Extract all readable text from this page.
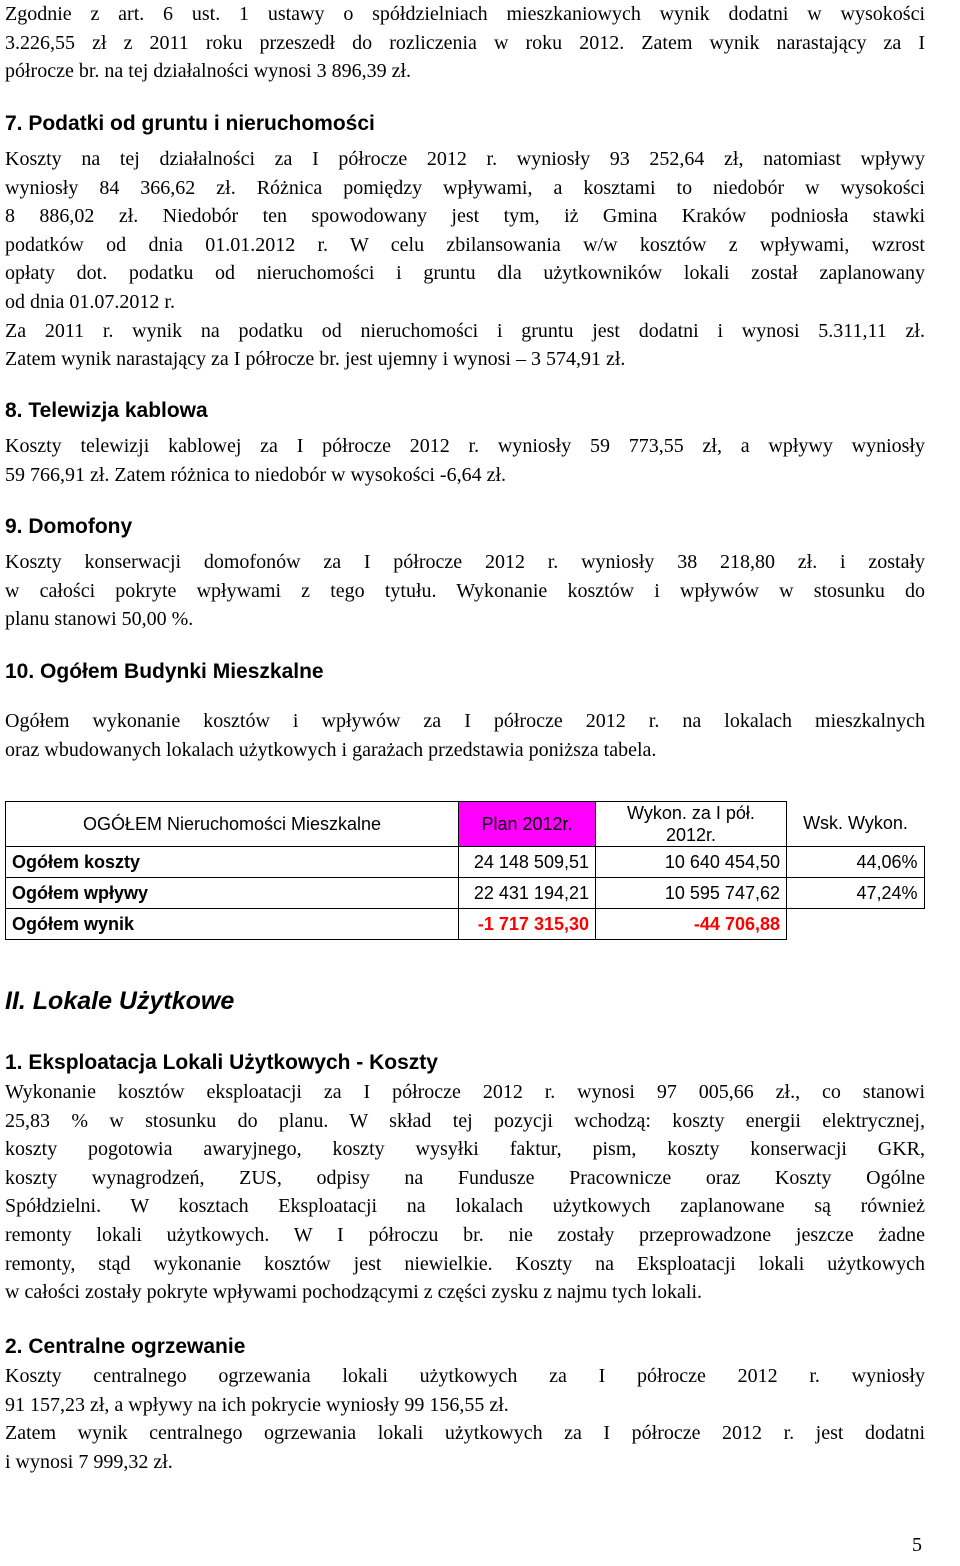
Zgodnie z art. 6 ust. 1 ustawy o spółdzielniach mieszkaniowych wynik dodatni w wysokości
3.226,55 zł z 2011 roku przeszedł do rozliczenia w roku 2012. Zatem wynik narastający za I
półrocze br. na tej działalności wynosi 3 896,39 zł.
7. Podatki od gruntu i nieruchomości
Koszty na tej działalności za I półrocze 2012 r. wyniosły 93 252,64 zł, natomiast wpływy
wyniosły 84 366,62 zł. Różnica pomiędzy wpływami, a kosztami to niedobór w wysokości
8 886,02 zł. Niedobór ten spowodowany jest tym, iż Gmina Kraków podniosła stawki
podatków od dnia 01.01.2012 r. W celu zbilansowania w/w kosztów z wpływami, wzrost
opłaty dot. podatku od nieruchomości i gruntu dla użytkowników lokali został zaplanowany
od dnia 01.07.2012 r.
Za 2011 r. wynik na podatku od nieruchomości i gruntu jest dodatni i wynosi 5.311,11 zł.
Zatem wynik narastający za I półrocze br. jest ujemny i wynosi – 3 574,91 zł.
8. Telewizja kablowa
Koszty telewizji kablowej za I półrocze 2012 r. wyniosły 59 773,55 zł, a wpływy wyniosły
59 766,91 zł. Zatem różnica to niedobór w wysokości -6,64 zł.
9. Domofony
Koszty konserwacji domofonów za I półrocze 2012 r. wyniosły 38 218,80 zł. i zostały
w całości pokryte wpływami z tego tytułu. Wykonanie kosztów i wpływów w stosunku do
planu stanowi 50,00 %.
10. Ogółem Budynki Mieszkalne
Ogółem wykonanie kosztów i wpływów za I półrocze 2012 r. na lokalach mieszkalnych
oraz wbudowanych lokalach użytkowych i garażach przedstawia poniższa tabela.
OGÓŁEM Nieruchomości Mieszkalne	Plan 2012r.	Wykon. za I pół.
2012r.	Wsk. Wykon.
Ogółem koszty	24 148 509,51	10 640 454,50	44,06%
Ogółem wpływy	22 431 194,21	10 595 747,62	47,24%
Ogółem wynik	-1 717 315,30	-44 706,88	
II. Lokale Użytkowe
1. Eksploatacja Lokali Użytkowych - Koszty
Wykonanie kosztów eksploatacji za I półrocze 2012 r. wynosi 97 005,66 zł., co stanowi
25,83 % w stosunku do planu. W skład tej pozycji wchodzą: koszty energii elektrycznej,
koszty pogotowia awaryjnego, koszty wysyłki faktur, pism, koszty konserwacji GKR,
koszty wynagrodzeń, ZUS, odpisy na Fundusze Pracownicze oraz Koszty Ogólne
Spółdzielni. W kosztach Eksploatacji na lokalach użytkowych zaplanowane są również
remonty lokali użytkowych. W I półroczu br. nie zostały przeprowadzone jeszcze żadne
remonty, stąd wykonanie kosztów jest niewielkie. Koszty na Eksploatacji lokali użytkowych
w całości zostały pokryte wpływami pochodzącymi z części zysku z najmu tych lokali.
2. Centralne ogrzewanie
Koszty centralnego ogrzewania lokali użytkowych za I półrocze 2012 r. wyniosły
91 157,23 zł, a wpływy na ich pokrycie wyniosły 99 156,55 zł.
Zatem wynik centralnego ogrzewania lokali użytkowych za I półrocze 2012 r. jest dodatni
i wynosi 7 999,32 zł.
5
